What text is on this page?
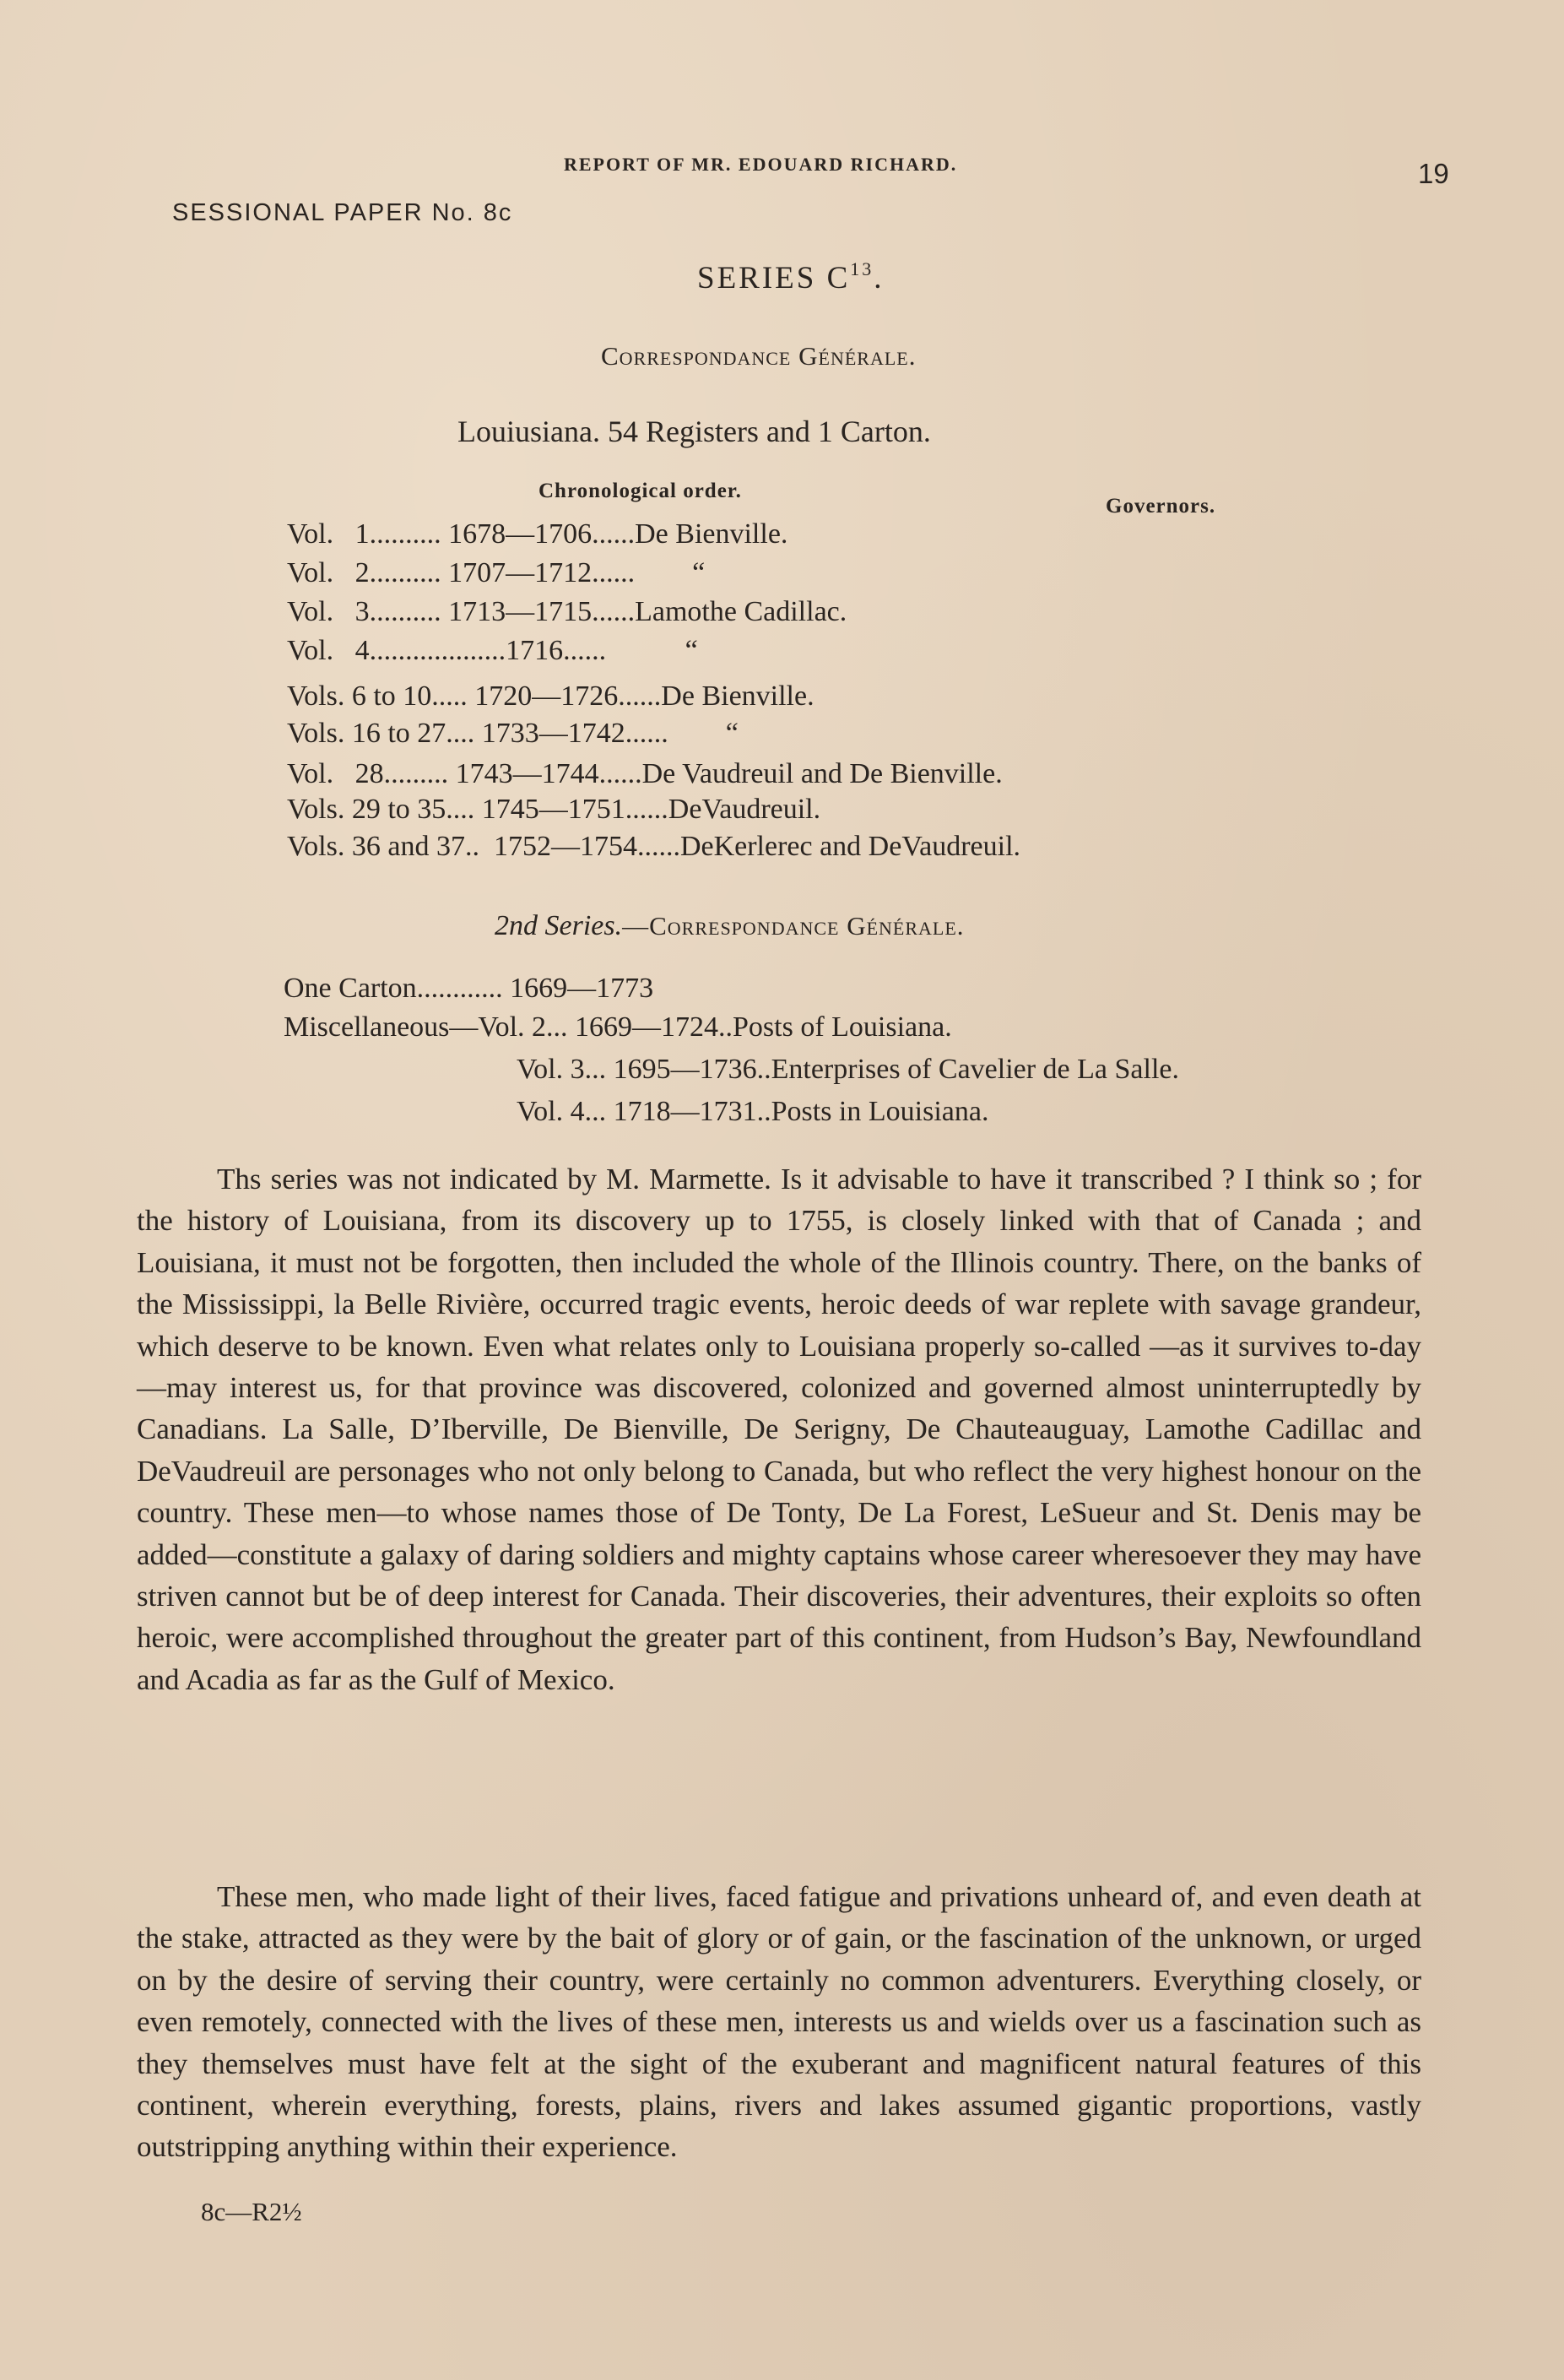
REPORT OF MR. EDOUARD RICHARD.	19
SESSIONAL PAPER No. 8c
SERIES $C^{13}$.
Correspondance Générale.
Louiusiana. 54 Registers and 1 Carton.
Chronological order.
Governors.
Vol.   1.......... 1678—1706......De Bienville.
Vol.   2.......... 1707—1712......        “
Vol.   3.......... 1713—1715......Lamothe Cadillac.
Vol.   4...................1716......           “
Vols. 6 to 10..... 1720—1726......De Bienville.
Vols. 16 to 27.... 1733—1742......        “
Vol.   28......... 1743—1744......De Vaudreuil and De Bienville.
Vols. 29 to 35.... 1745—1751......DeVaudreuil.
Vols. 36 and 37..  1752—1754......DeKerlerec and DeVaudreuil.
2nd Series.—Correspondance Générale.
One Carton............ 1669—1773
Miscellaneous—Vol. 2... 1669—1724..Posts of Louisiana.
Vol. 3... 1695—1736..Enterprises of Cavelier de La Salle.
Vol. 4... 1718—1731..Posts in Louisiana.

Ths series was not indicated by M. Marmette. Is it advisable to have it transcribed ? I think so ; for the history of Louisiana, from its discovery up to 1755, is closely linked with that of Canada ; and Louisiana, it must not be forgotten, then included the whole of the Illinois country. There, on the banks of the Mississippi, la Belle Rivière, occurred tragic events, heroic deeds of war replete with savage grandeur, which deserve to be known. Even what relates only to Louisiana properly so-called —as it survives to-day—may interest us, for that province was discovered, colonized and governed almost uninterruptedly by Canadians. La Salle, D’Iberville, De Bienville, De Serigny, De Chauteauguay, Lamothe Cadillac and DeVaudreuil are personages who not only belong to Canada, but who reflect the very highest honour on the country. These men—to whose names those of De Tonty, De La Forest, LeSueur and St. Denis may be added—constitute a galaxy of daring soldiers and mighty captains whose career wheresoever they may have striven cannot but be of deep interest for Canada. Their discoveries, their adventures, their exploits so often heroic, were accomplished throughout the greater part of this continent, from Hudson’s Bay, Newfoundland and Acadia as far as the Gulf of Mexico.

These men, who made light of their lives, faced fatigue and privations unheard of, and even death at the stake, attracted as they were by the bait of glory or of gain, or the fascination of the unknown, or urged on by the desire of serving their country, were certainly no common adventurers. Everything closely, or even remotely, connected with the lives of these men, interests us and wields over us a fascination such as they themselves must have felt at the sight of the exuberant and magnificent natural features of this continent, wherein everything, forests, plains, rivers and lakes assumed gigantic proportions, vastly outstripping anything within their experience.

8c—R2½
